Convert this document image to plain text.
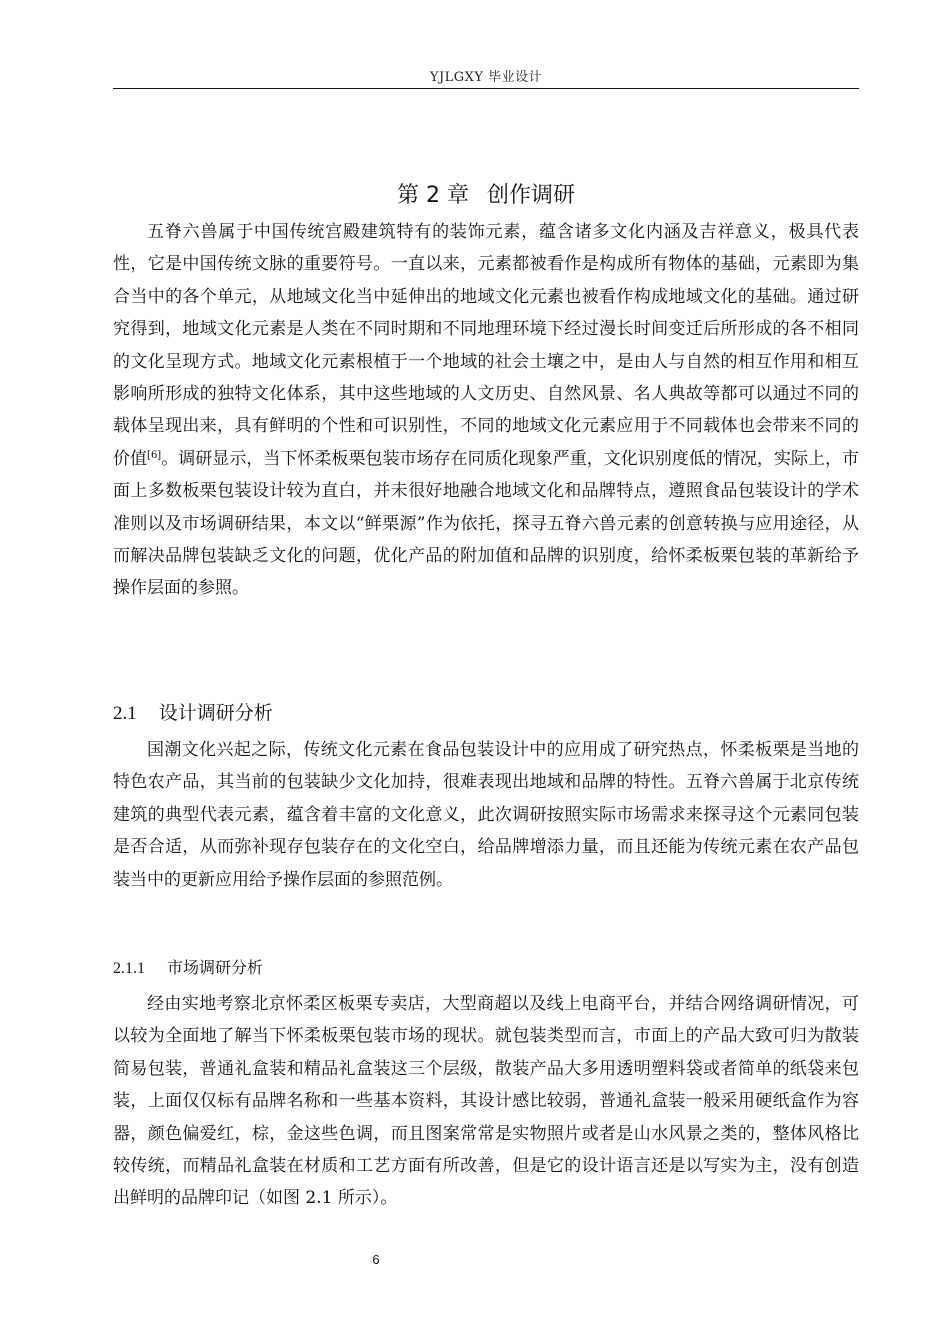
YJLGXY 毕业设计
第 2 章 创作调研

五脊六兽属于中国传统宫殿建筑特有的装饰元素，蕴含诸多文化内涵及吉祥意义，极具代表性，它是中国传统文脉的重要符号。一直以来，元素都被看作是构成所有物体的基础，元素即为集合当中的各个单元，从地域文化当中延伸出的地域文化元素也被看作构成地域文化的基础。通过研究得到，地域文化元素是人类在不同时期和不同地理环境下经过漫长时间变迁后所形成的各不相同的文化呈现方式。地域文化元素根植于一个地域的社会土壤之中，是由人与自然的相互作用和相互影响所形成的独特文化体系，其中这些地域的人文历史、自然风景、名人典故等都可以通过不同的载体呈现出来，具有鲜明的个性和可识别性，不同的地域文化元素应用于不同载体也会带来不同的价值[6]。调研显示，当下怀柔板栗包装市场存在同质化现象严重，文化识别度低的情况，实际上，市面上多数板栗包装设计较为直白，并未很好地融合地域文化和品牌特点，遵照食品包装设计的学术准则以及市场调研结果，本文以“鲜栗源”作为依托，探寻五脊六兽元素的创意转换与应用途径，从而解决品牌包装缺乏文化的问题，优化产品的附加值和品牌的识别度，给怀柔板栗包装的革新给予操作层面的参照。

2.1 设计调研分析

国潮文化兴起之际，传统文化元素在食品包装设计中的应用成了研究热点，怀柔板栗是当地的特色农产品，其当前的包装缺少文化加持，很难表现出地域和品牌的特性。五脊六兽属于北京传统建筑的典型代表元素，蕴含着丰富的文化意义，此次调研按照实际市场需求来探寻这个元素同包装是否合适，从而弥补现存包装存在的文化空白，给品牌增添力量，而且还能为传统元素在农产品包装当中的更新应用给予操作层面的参照范例。

2.1.1 市场调研分析

经由实地考察北京怀柔区板栗专卖店，大型商超以及线上电商平台，并结合网络调研情况，可以较为全面地了解当下怀柔板栗包装市场的现状。就包装类型而言，市面上的产品大致可归为散装简易包装，普通礼盒装和精品礼盒装这三个层级，散装产品大多用透明塑料袋或者简单的纸袋来包装，上面仅仅标有品牌名称和一些基本资料，其设计感比较弱，普通礼盒装一般采用硬纸盒作为容器，颜色偏爱红，棕，金这些色调，而且图案常常是实物照片或者是山水风景之类的，整体风格比较传统，而精品礼盒装在材质和工艺方面有所改善，但是它的设计语言还是以写实为主，没有创造出鲜明的品牌印记（如图 2.1 所示）。

6
